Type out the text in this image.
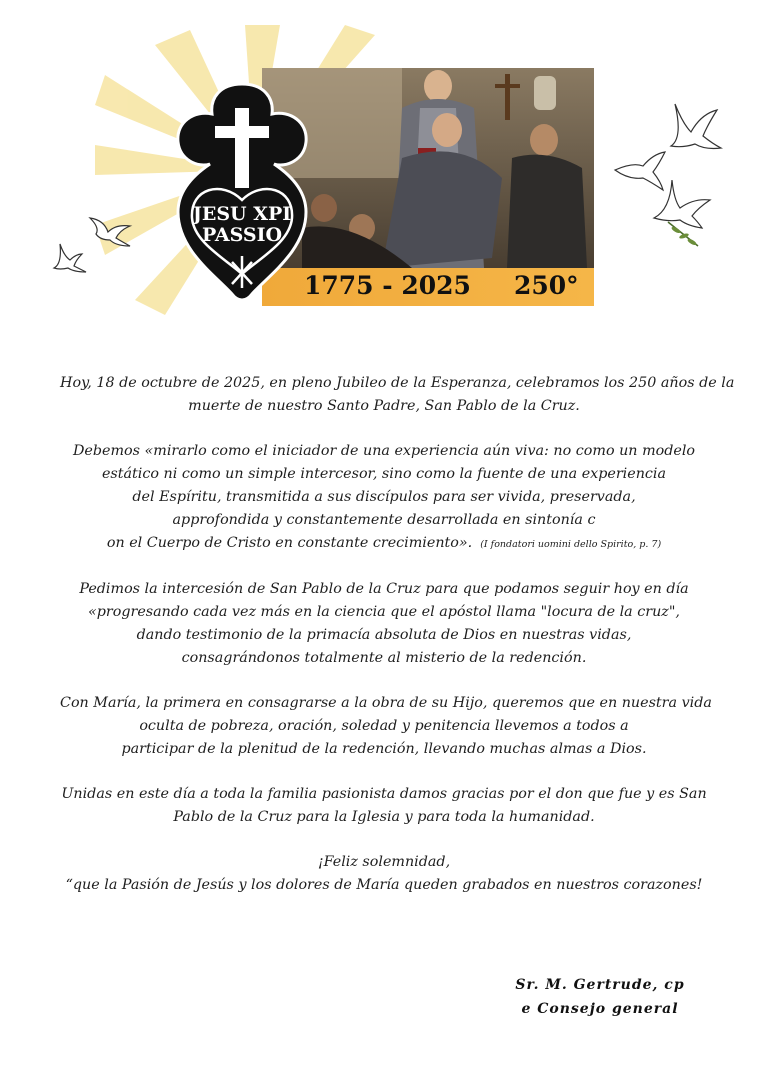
1775 - 2025 250°
JESU XPI
PASSIO
Hoy, 18 de octubre de 2025, en pleno Jubileo de la Esperanza, celebramos los 250 años de la
muerte de nuestro Santo Padre, San Pablo de la Cruz.
Debemos «mirarlo como el iniciador de una experiencia aún viva: no como un modelo
estático ni como un simple intercesor, sino como la fuente de una experiencia
del Espíritu, transmitida a sus discípulos para ser vivida, preservada,
approfondida y constantemente desarrollada en sintonía c
on el Cuerpo de Cristo en constante crecimiento». (I fondatori uomini dello Spirito, p. 7)
Pedimos la intercesión de San Pablo de la Cruz para que podamos seguir hoy en día
«progresando cada vez más en la ciencia que el apóstol llama "locura de la cruz",
dando testimonio de la primacía absoluta de Dios en nuestras vidas,
consagrándonos totalmente al misterio de la redención.
Con María, la primera en consagrarse a la obra de su Hijo, queremos que en nuestra vida
oculta de pobreza, oración, soledad y penitencia llevemos a todos a
participar de la plenitud de la redención, llevando muchas almas a Dios.
Unidas en este día a toda la familia pasionista damos gracias por el don que fue y es San
Pablo de la Cruz para la Iglesia y para toda la humanidad.
¡Feliz solemnidad,
“que la Pasión de Jesús y los dolores de María queden grabados en nuestros corazones!
Sr. M. Gertrude, cp
e Consejo general
